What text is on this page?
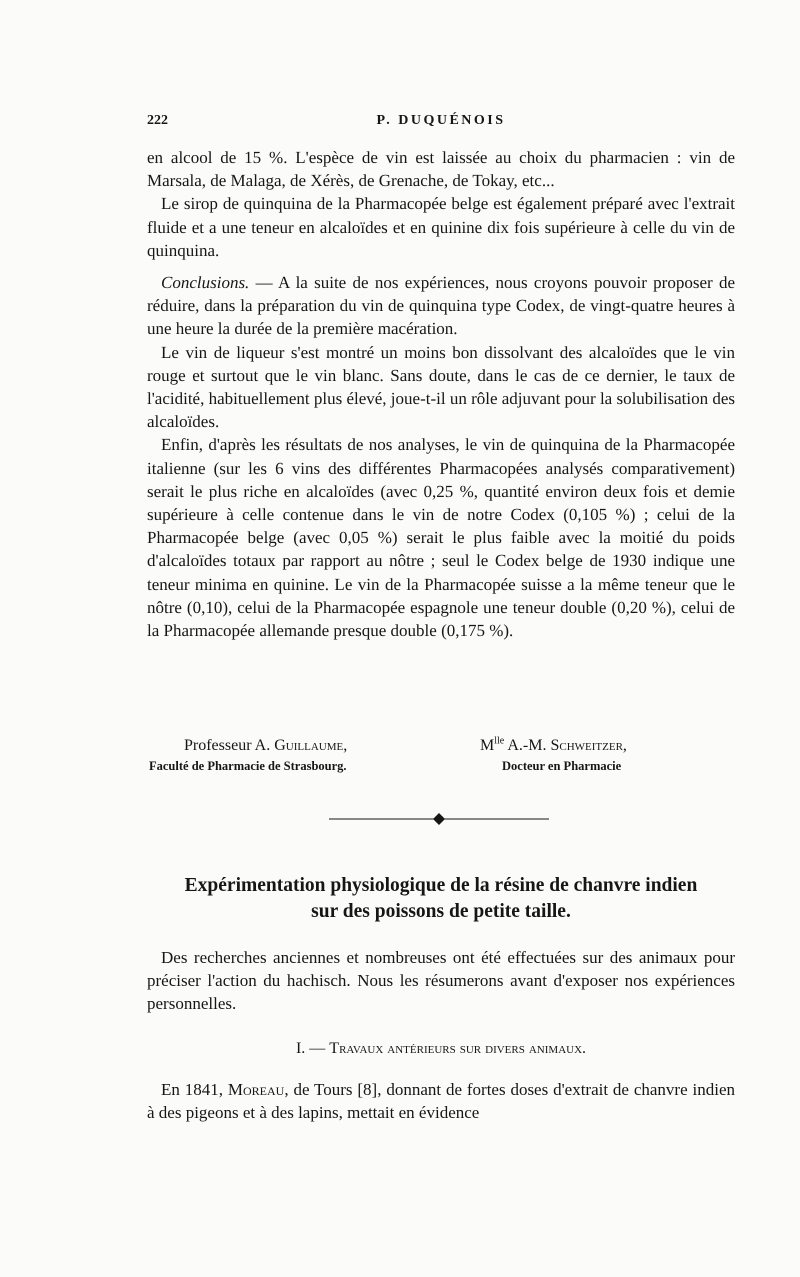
222	P. DUQUÉNOIS

en alcool de 15 %. L'espèce de vin est laissée au choix du pharmacien : vin de Marsala, de Malaga, de Xérès, de Grenache, de Tokay, etc...

Le sirop de quinquina de la Pharmacopée belge est également préparé avec l'extrait fluide et a une teneur en alcaloïdes et en quinine dix fois supérieure à celle du vin de quinquina.

Conclusions. — A la suite de nos expériences, nous croyons pouvoir proposer de réduire, dans la préparation du vin de quinquina type Codex, de vingt-quatre heures à une heure la durée de la première macération.

Le vin de liqueur s'est montré un moins bon dissolvant des alcaloïdes que le vin rouge et surtout que le vin blanc. Sans doute, dans le cas de ce dernier, le taux de l'acidité, habituellement plus élevé, joue-t-il un rôle adjuvant pour la solubilisation des alcaloïdes.

Enfin, d'après les résultats de nos analyses, le vin de quinquina de la Pharmacopée italienne (sur les 6 vins des différentes Pharmacopées analysés comparativement) serait le plus riche en alcaloïdes (avec 0,25 %, quantité environ deux fois et demie supérieure à celle contenue dans le vin de notre Codex (0,105 %) ; celui de la Pharmacopée belge (avec 0,05 %) serait le plus faible avec la moitié du poids d'alcaloïdes totaux par rapport au nôtre ; seul le Codex belge de 1930 indique une teneur minima en quinine. Le vin de la Pharmacopée suisse a la même teneur que le nôtre (0,10), celui de la Pharmacopée espagnole une teneur double (0,20 %), celui de la Pharmacopée allemande presque double (0,175 %).

Professeur A. Guillaume,
Faculté de Pharmacie de Strasbourg.
$M^{lle}$ A.-M. Schweitzer,
Docteur en Pharmacie
Expérimentation physiologique de la résine de chanvre indien
sur des poissons de petite taille.

Des recherches anciennes et nombreuses ont été effectuées sur des animaux pour préciser l'action du hachisch. Nous les résumerons avant d'exposer nos expériences personnelles.

I. — Travaux antérieurs sur divers animaux.

En 1841, Moreau, de Tours [8], donnant de fortes doses d'extrait de chanvre indien à des pigeons et à des lapins, mettait en évidence
